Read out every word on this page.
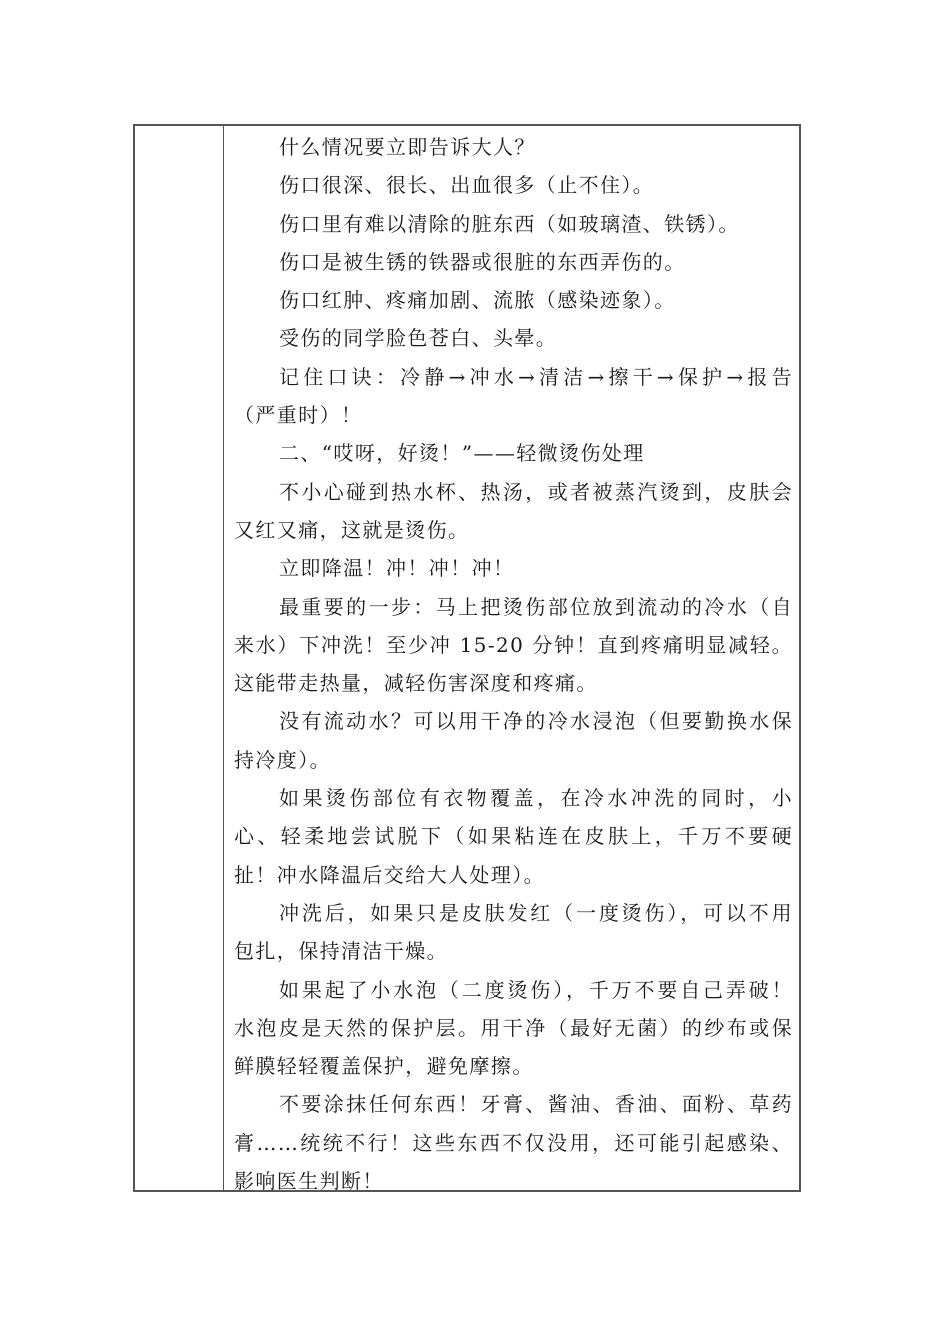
什么情况要立即告诉大人？

伤口很深、很长、出血很多（止不住）。

伤口里有难以清除的脏东西（如玻璃渣、铁锈）。

伤口是被生锈的铁器或很脏的东西弄伤的。

伤口红肿、疼痛加剧、流脓（感染迹象）。

受伤的同学脸色苍白、头晕。

记住口诀：冷静→冲水→清洁→擦干→保护→报告

（严重时）！

二、“哎呀，好烫！”——轻微烫伤处理

不小心碰到热水杯、热汤，或者被蒸汽烫到，皮肤会

又红又痛，这就是烫伤。

立即降温！冲！冲！冲！

最重要的一步：马上把烫伤部位放到流动的冷水（自

来水）下冲洗！至少冲 15-20 分钟！直到疼痛明显减轻。

这能带走热量，减轻伤害深度和疼痛。

没有流动水？可以用干净的冷水浸泡（但要勤换水保

持冷度）。

如果烫伤部位有衣物覆盖，在冷水冲洗的同时，小

心、轻柔地尝试脱下（如果粘连在皮肤上，千万不要硬

扯！冲水降温后交给大人处理）。

冲洗后，如果只是皮肤发红（一度烫伤），可以不用

包扎，保持清洁干燥。

如果起了小水泡（二度烫伤），千万不要自己弄破！

水泡皮是天然的保护层。用干净（最好无菌）的纱布或保

鲜膜轻轻覆盖保护，避免摩擦。

不要涂抹任何东西！牙膏、酱油、香油、面粉、草药

膏……统统不行！这些东西不仅没用，还可能引起感染、

影响医生判断！
